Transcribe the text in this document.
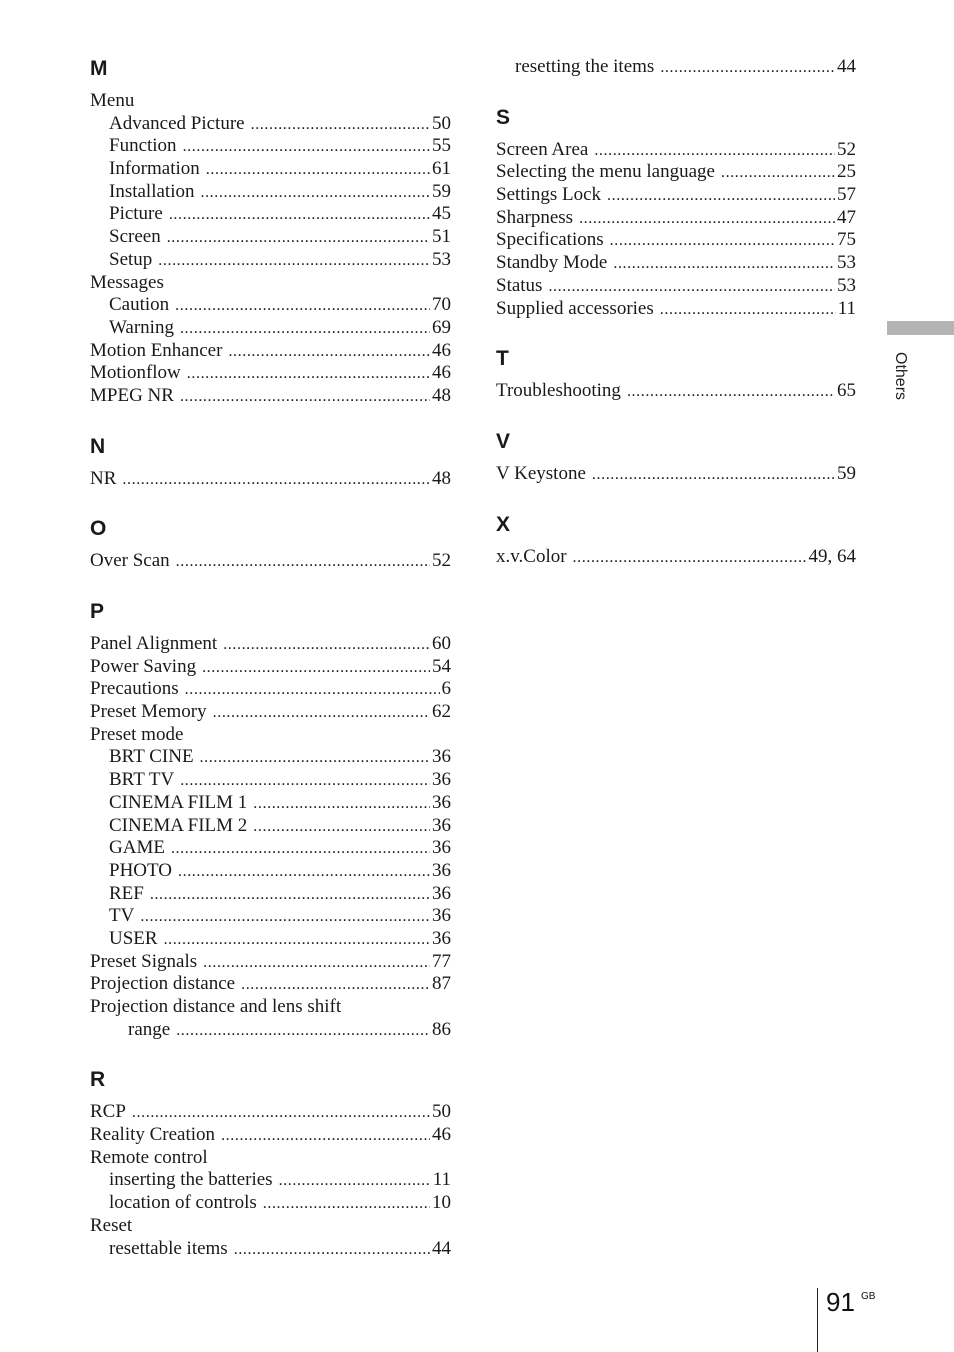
M
Menu
Advanced Picture .....	50
Function .....	55
Information .....	61
Installation .....	59
Picture .....	45
Screen .....	51
Setup .....	53
Messages
Caution .....	70
Warning .....	69
Motion Enhancer .....	46
Motionflow .....	46
MPEG NR .....	48
N
NR .....	48
O
Over Scan .....	52
P
Panel Alignment .....	60
Power Saving .....	54
Precautions .....	6
Preset Memory .....	62
Preset mode
BRT CINE .....	36
BRT TV .....	36
CINEMA FILM 1 .....	36
CINEMA FILM 2 .....	36
GAME .....	36
PHOTO .....	36
REF .....	36
TV .....	36
USER .....	36
Preset Signals .....	77
Projection distance .....	87
Projection distance and lens shift
range .....	86
R
RCP .....	50
Reality Creation .....	46
Remote control
inserting the batteries .....	11
location of controls .....	10
Reset
resettable items .....	44
resetting the items .....	44
S
Screen Area .....	52
Selecting the menu language .....	25
Settings Lock .....	57
Sharpness .....	47
Specifications .....	75
Standby Mode .....	53
Status .....	53
Supplied accessories .....	11
T
Troubleshooting .....	65
V
V Keystone .....	59
X
x.v.Color .....	49, 64
Others
91 GB
